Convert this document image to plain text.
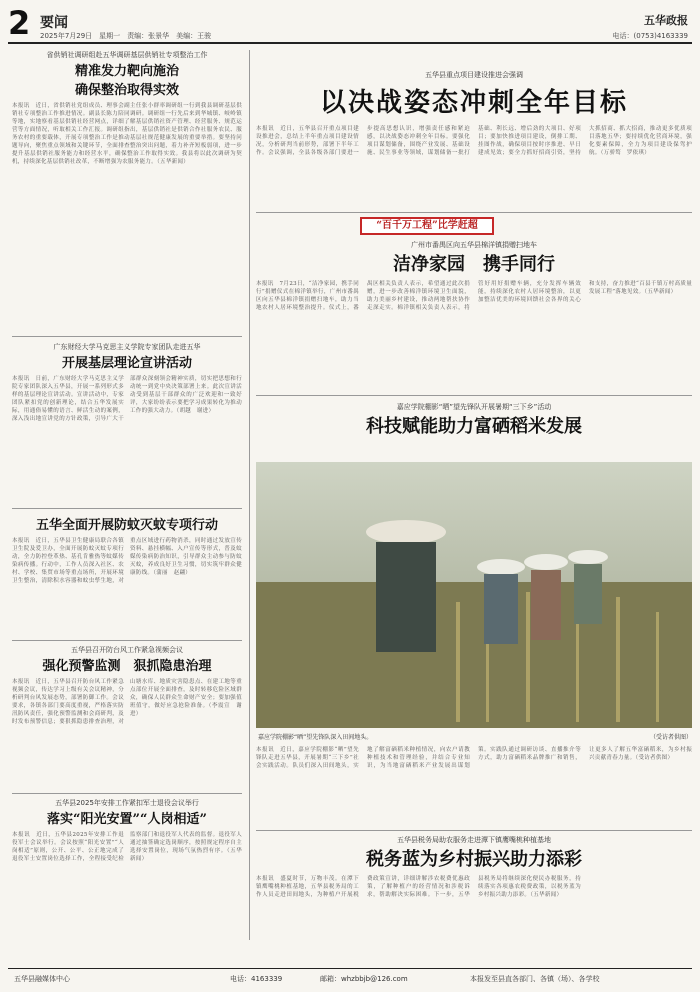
2 要闻
2025年7月29日　星期一　 责编：张景华　美编：王骏
五华政报
电话：(0753)4163339
省供销社调研组赴五华调研基层供销社专项整治工作
精准发力靶向施治
确保整治取得实效
本报讯　近日，省供销社党组成员、理事会副主任张小群率调研组一行到我县调研基层供销社专项整治工作推进情况。副县长陈力陪同调研。调研组一行先后来到华城镇、岐岭镇等地，实地察看基层供销社经营网点，详细了解基层供销社资产管理、经营服务、规范运营等方面情况，听取相关工作汇报。调研组指出，基层供销社是供销合作社服务农民、服务农村的重要载体，开展专项整治工作是推动基层社规范健康发展的重要举措。要坚持问题导向，聚焦重点领域和关键环节，全面排查整治突出问题，着力补齐短板弱项，进一步提升基层供销社服务能力和经营水平，确保整治工作取得实效。我县将以此次调研为契机，持续深化基层供销社改革，不断增强为农服务能力。（五华新闻）
五华县重点项目建设推进会强调
以决战姿态冲刺全年目标
本报讯　近日，五华县召开重点项目建设推进会，总结上半年重点项目建设情况，分析研判当前形势，部署下半年工作。会议强调，全县各级各部门要进一步提高思想认识，增强责任感和紧迫感，以决战姿态冲刺全年目标。要强化项目谋划储备，围绕产业发展、基础设施、民生事业等领域，谋划储备一批打基础、利长远、增后劲的大项目、好项目；要加快推进项目建设，倒排工期、挂图作战，确保项目按时序推进、早日建成见效；要全力抓好招商引资，坚持大抓招商、抓大招商，推动更多优质项目落地五华；要持续优化营商环境，强化要素保障，全力为项目建设保驾护航。（万骄骜　罗依琪）
“百千万工程”比学赶超
广州市番禺区向五华县棉洋镇捐赠扫地车
洁净家园　携手同行
本报讯　7月23日，“洁净家园，携手同行”捐赠仪式在棉洋镇举行，广州市番禺区向五华县棉洋镇捐赠扫地车，助力当地农村人居环境整治提升。仪式上，番禺区相关负责人表示，希望通过此次捐赠，进一步改善棉洋镇环境卫生面貌，助力美丽乡村建设，推动两地帮扶协作走深走实。棉洋镇相关负责人表示，将管好用好捐赠车辆，充分发挥车辆效能，持续深化农村人居环境整治，以更加整洁优美的环境回馈社会各界的关心和支持，奋力推进“百县千镇万村高质量发展工程”落地见效。（五华新闻）
广东财经大学马克思主义学院专家团队走进五华
开展基层理论宣讲活动
本报讯　日前，广东财经大学马克思主义学院专家团队深入五华县，开展一系列形式多样的基层理论宣讲活动。宣讲活动中，专家团队紧扣党的创新理论，结合五华发展实际，用通俗易懂的语言、鲜活生动的案例，深入浅出地宣讲党的方针政策，引导广大干部群众深刻领会精神实质，切实把思想和行动统一到党中央决策部署上来。此次宣讲活动受到基层干部群众的广泛欢迎和一致好评，大家纷纷表示要把学习成果转化为推动工作的强大动力。（胡越　谢进）
五华全面开展防蚊灭蚊专项行动
本报讯　近日，五华县卫生健康局联合各镇卫生院及爱卫办，全面开展防蚊灭蚊专项行动，全力防控登革热、基孔肯雅热等蚊媒传染病传播。行动中，工作人员深入社区、农村、学校、集贸市场等重点场所，开展环境卫生整治，清除积水容器和蚊虫孳生地，对重点区域进行药物消杀，同时通过发放宣传资料、悬挂横幅、入户宣传等形式，普及蚊媒传染病防治知识，引导群众主动参与防蚊灭蚊，养成良好卫生习惯，切实筑牢群众健康防线。（蒲丽　赵翩）
五华县召开防台风工作紧急视频会议
强化预警监测　狠抓隐患治理
本报讯　近日，五华县召开防台风工作紧急视频会议，传达学习上级有关会议精神，分析研判台风发展态势，部署防御工作。会议要求，各镇各部门要高度重视，严格落实防汛防风责任，强化预警监测和会商研判，及时发布预警信息；要狠抓隐患排查治理，对山塘水库、地质灾害隐患点、在建工地等重点部位开展全面排查，及时转移危险区域群众，确保人民群众生命财产安全；要加强值班值守，做好应急抢险准备。（李震宣　谢进）
嘉应学院棚影“晒”望先锋队开展暑期“三下乡”活动
科技赋能助力富硒稻米发展
嘉应学院棚影“晒”望先锋队深入田间地头。	（受访者供图）
本报讯　近日，嘉应学院棚影“晒”望先锋队走进五华县，开展暑期“三下乡”社会实践活动。队员们深入田间地头，实地了解富硒稻米种植情况，向农户请教种植技术和管理经验，并结合专业知识，为当地富硒稻米产业发展出谋划策。实践队通过调研访谈、直播推介等方式，助力富硒稻米品牌推广和销售，让更多人了解五华富硒稻米，为乡村振兴贡献青春力量。（受访者供图）
五华县2025年安排工作紧扣军士退役会议举行
落实“阳光安置”“人岗相适”
本报讯　近日，五华县2025年安排工作退役军士会议举行。会议按照“阳光安置”“人岗相适”原则，公开、公平、公正地完成了退役军士安置岗位选择工作，全程接受纪检监察部门和退役军人代表的监督。退役军人通过抽签确定选岗顺序，按照规定程序自主选择安置岗位，现场气氛热烈有序。（五华新闻）
五华县税务局助农服务走进潭下镇鹰嘴桃种植基地
税务蓝为乡村振兴助力添彩
本报讯　盛夏时节，万物丰茂。在潭下镇鹰嘴桃种植基地，五华县税务局的工作人员走进田间地头，为种植户开展税费政策宣讲，详细讲解涉农税费优惠政策，了解种植户的经营情况和涉税诉求，帮助解决实际困难。下一步，五华县税务局将继续深化便民办税服务，持续落实各项惠农税费政策，以税务蓝为乡村振兴助力添彩。（五华新闻）
五华县融媒体中心	电话：4163339	邮箱：whzbbjb@126.com	本报发至县直各部门、各镇（场）、各学校
